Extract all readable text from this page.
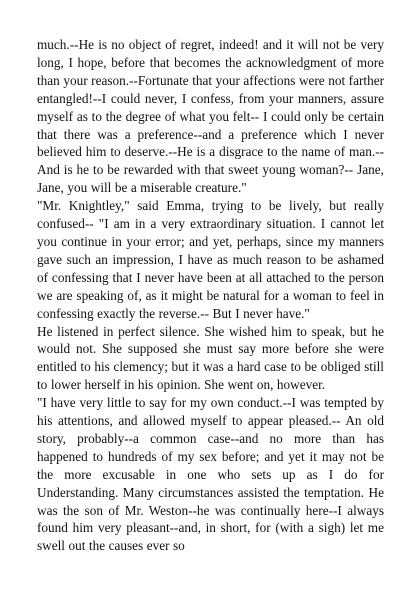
much.--He is no object of regret, indeed! and it will not be very long, I hope, before that becomes the acknowledgment of more than your reason.--Fortunate that your affections were not farther entangled!--I could never, I confess, from your manners, assure myself as to the degree of what you felt-- I could only be certain that there was a preference--and a preference which I never believed him to deserve.--He is a disgrace to the name of man.--And is he to be rewarded with that sweet young woman?-- Jane, Jane, you will be a miserable creature."

"Mr. Knightley," said Emma, trying to be lively, but really confused-- "I am in a very extraordinary situation. I cannot let you continue in your error; and yet, perhaps, since my manners gave such an impression, I have as much reason to be ashamed of confessing that I never have been at all attached to the person we are speaking of, as it might be natural for a woman to feel in confessing exactly the reverse.-- But I never have."

He listened in perfect silence. She wished him to speak, but he would not. She supposed she must say more before she were entitled to his clemency; but it was a hard case to be obliged still to lower herself in his opinion. She went on, however.

"I have very little to say for my own conduct.--I was tempted by his attentions, and allowed myself to appear pleased.-- An old story, probably--a common case--and no more than has happened to hundreds of my sex before; and yet it may not be the more excusable in one who sets up as I do for Understanding. Many circumstances assisted the temptation. He was the son of Mr. Weston--he was continually here--I always found him very pleasant--and, in short, for (with a sigh) let me swell out the causes ever so
